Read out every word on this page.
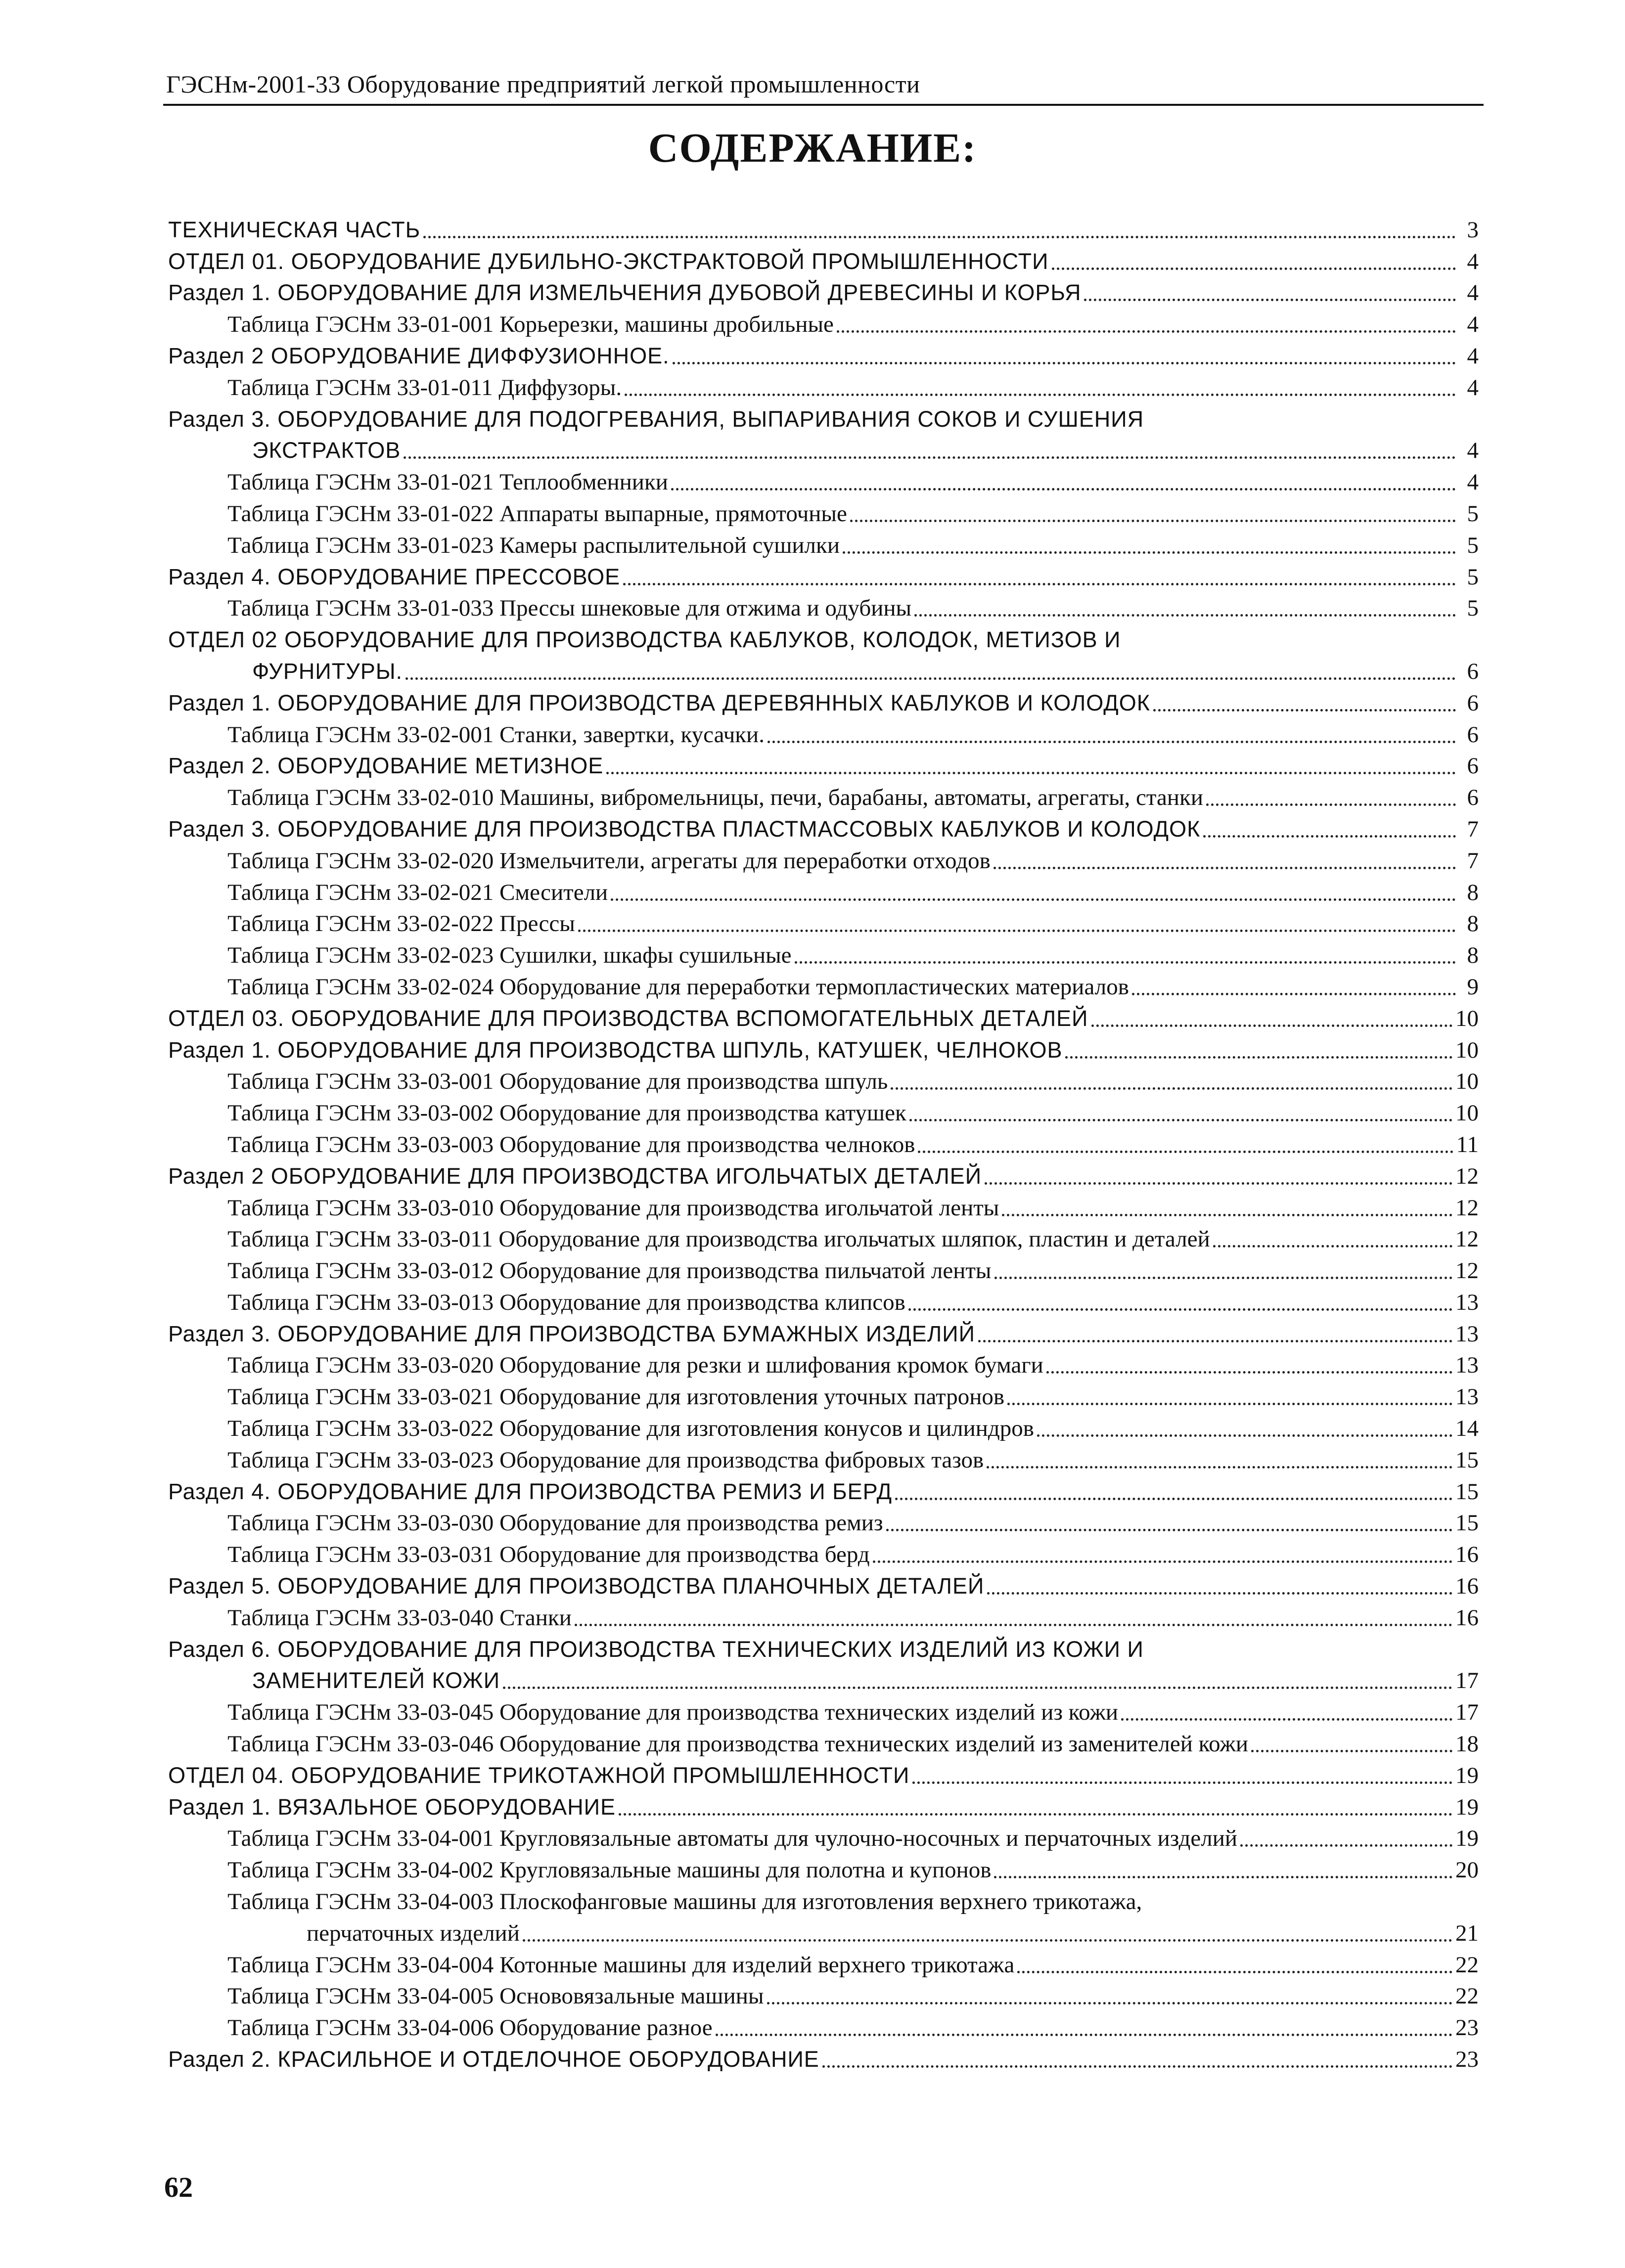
ГЭСНм-2001-33 Оборудование предприятий легкой промышленности
СОДЕРЖАНИЕ:
ТЕХНИЧЕСКАЯ ЧАСТЬ	3
ОТДЕЛ 01. ОБОРУДОВАНИЕ ДУБИЛЬНО-ЭКСТРАКТОВОЙ ПРОМЫШЛЕННОСТИ	4
Раздел 1. ОБОРУДОВАНИЕ ДЛЯ ИЗМЕЛЬЧЕНИЯ ДУБОВОЙ ДРЕВЕСИНЫ И КОРЬЯ	4
Таблица ГЭСНм 33-01-001 Корьерезки, машины дробильные	4
Раздел 2 ОБОРУДОВАНИЕ ДИФФУЗИОННОЕ.	4
Таблица ГЭСНм 33-01-011 Диффузоры.	4
Раздел 3. ОБОРУДОВАНИЕ ДЛЯ ПОДОГРЕВАНИЯ, ВЫПАРИВАНИЯ СОКОВ И СУШЕНИЯ
ЭКСТРАКТОВ	4
Таблица ГЭСНм 33-01-021 Теплообменники	4
Таблица ГЭСНм 33-01-022 Аппараты выпарные, прямоточные	5
Таблица ГЭСНм 33-01-023 Камеры распылительной сушилки	5
Раздел 4. ОБОРУДОВАНИЕ ПРЕССОВОЕ	5
Таблица ГЭСНм 33-01-033 Прессы шнековые для отжима и одубины	5
ОТДЕЛ 02 ОБОРУДОВАНИЕ ДЛЯ ПРОИЗВОДСТВА КАБЛУКОВ, КОЛОДОК, МЕТИЗОВ И
ФУРНИТУРЫ.	6
Раздел 1. ОБОРУДОВАНИЕ ДЛЯ ПРОИЗВОДСТВА ДЕРЕВЯННЫХ КАБЛУКОВ И КОЛОДОК	6
Таблица ГЭСНм 33-02-001 Станки, завертки, кусачки.	6
Раздел 2. ОБОРУДОВАНИЕ МЕТИЗНОЕ	6
Таблица ГЭСНм 33-02-010 Машины, вибромельницы, печи, барабаны, автоматы, агрегаты, станки	6
Раздел 3. ОБОРУДОВАНИЕ ДЛЯ ПРОИЗВОДСТВА ПЛАСТМАССОВЫХ КАБЛУКОВ И КОЛОДОК	7
Таблица ГЭСНм 33-02-020 Измельчители, агрегаты для переработки отходов	7
Таблица ГЭСНм 33-02-021 Смесители	8
Таблица ГЭСНм 33-02-022 Прессы	8
Таблица ГЭСНм 33-02-023 Сушилки, шкафы сушильные	8
Таблица ГЭСНм 33-02-024 Оборудование для переработки термопластических материалов	9
ОТДЕЛ 03. ОБОРУДОВАНИЕ ДЛЯ ПРОИЗВОДСТВА ВСПОМОГАТЕЛЬНЫХ ДЕТАЛЕЙ	10
Раздел 1. ОБОРУДОВАНИЕ ДЛЯ ПРОИЗВОДСТВА ШПУЛЬ, КАТУШЕК, ЧЕЛНОКОВ	10
Таблица ГЭСНм 33-03-001 Оборудование для производства шпуль	10
Таблица ГЭСНм 33-03-002 Оборудование для производства катушек	10
Таблица ГЭСНм 33-03-003 Оборудование для производства челноков	11
Раздел 2 ОБОРУДОВАНИЕ ДЛЯ ПРОИЗВОДСТВА ИГОЛЬЧАТЫХ ДЕТАЛЕЙ	12
Таблица ГЭСНм 33-03-010 Оборудование для производства игольчатой ленты	12
Таблица ГЭСНм 33-03-011 Оборудование для производства игольчатых шляпок, пластин и деталей	12
Таблица ГЭСНм 33-03-012 Оборудование для производства пильчатой ленты	12
Таблица ГЭСНм 33-03-013 Оборудование для производства клипсов	13
Раздел 3. ОБОРУДОВАНИЕ ДЛЯ ПРОИЗВОДСТВА БУМАЖНЫХ ИЗДЕЛИЙ	13
Таблица ГЭСНм 33-03-020 Оборудование для резки и шлифования кромок бумаги	13
Таблица ГЭСНм 33-03-021 Оборудование для изготовления уточных патронов	13
Таблица ГЭСНм 33-03-022 Оборудование для изготовления конусов и цилиндров	14
Таблица ГЭСНм 33-03-023 Оборудование для производства фибровых тазов	15
Раздел 4. ОБОРУДОВАНИЕ ДЛЯ ПРОИЗВОДСТВА РЕМИЗ И БЕРД	15
Таблица ГЭСНм 33-03-030 Оборудование для производства ремиз	15
Таблица ГЭСНм 33-03-031 Оборудование для производства берд	16
Раздел 5. ОБОРУДОВАНИЕ ДЛЯ ПРОИЗВОДСТВА ПЛАНОЧНЫХ ДЕТАЛЕЙ	16
Таблица ГЭСНм 33-03-040 Станки	16
Раздел 6. ОБОРУДОВАНИЕ ДЛЯ ПРОИЗВОДСТВА ТЕХНИЧЕСКИХ ИЗДЕЛИЙ ИЗ КОЖИ И
ЗАМЕНИТЕЛЕЙ КОЖИ	17
Таблица ГЭСНм 33-03-045 Оборудование для производства технических изделий из кожи	17
Таблица ГЭСНм 33-03-046 Оборудование для производства технических изделий из заменителей кожи	18
ОТДЕЛ 04. ОБОРУДОВАНИЕ ТРИКОТАЖНОЙ ПРОМЫШЛЕННОСТИ	19
Раздел 1. ВЯЗАЛЬНОЕ ОБОРУДОВАНИЕ	19
Таблица ГЭСНм 33-04-001 Кругловязальные автоматы для чулочно-носочных и перчаточных изделий	19
Таблица ГЭСНм 33-04-002 Кругловязальные машины для полотна и купонов	20
Таблица ГЭСНм 33-04-003 Плоскофанговые машины для изготовления верхнего трикотажа,
перчаточных изделий	21
Таблица ГЭСНм 33-04-004 Котонные машины для изделий верхнего трикотажа	22
Таблица ГЭСНм 33-04-005 Основовязальные машины	22
Таблица ГЭСНм 33-04-006 Оборудование разное	23
Раздел 2. КРАСИЛЬНОЕ И ОТДЕЛОЧНОЕ ОБОРУДОВАНИЕ	23
62
